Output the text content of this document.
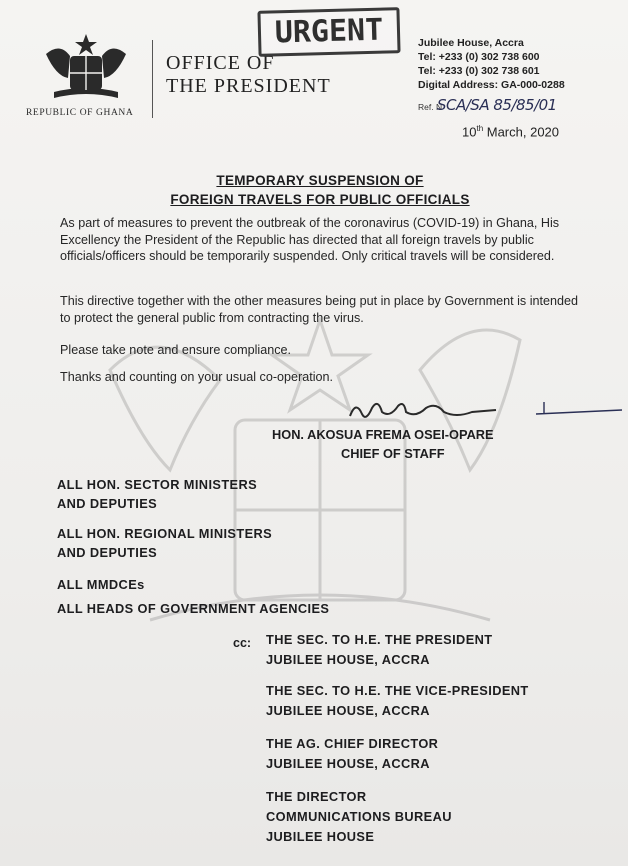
REPUBLIC OF GHANA
OFFICE OF
THE PRESIDENT
URGENT	Jubilee House, Accra
Tel: +233 (0) 302 738 600
Tel: +233 (0) 302 738 601
Digital Address: GA-000-0288
Ref. N
SCA/SA 85/85/01
10th March, 2020
TEMPORARY SUSPENSION OF
FOREIGN TRAVELS FOR PUBLIC OFFICIALS
As part of measures to prevent the outbreak of the coronavirus (COVID-19) in Ghana, His Excellency the President of the Republic has directed that all foreign travels by public officials/officers should be temporarily suspended. Only critical travels will be considered.
This directive together with the other measures being put in place by Government is intended to protect the general public from contracting the virus.
Please take note and ensure compliance.
Thanks and counting on your usual co-operation.
HON. AKOSUA FREMA OSEI-OPARE
CHIEF OF STAFF
ALL HON. SECTOR MINISTERS
AND DEPUTIES
ALL HON. REGIONAL MINISTERS
AND DEPUTIES
ALL MMDCEs
ALL HEADS OF GOVERNMENT AGENCIES
cc: THE SEC. TO H.E. THE PRESIDENT
JUBILEE HOUSE, ACCRA
THE SEC. TO H.E. THE VICE-PRESIDENT
JUBILEE HOUSE, ACCRA
THE AG. CHIEF DIRECTOR
JUBILEE HOUSE, ACCRA
THE DIRECTOR
COMMUNICATIONS BUREAU
JUBILEE HOUSE
